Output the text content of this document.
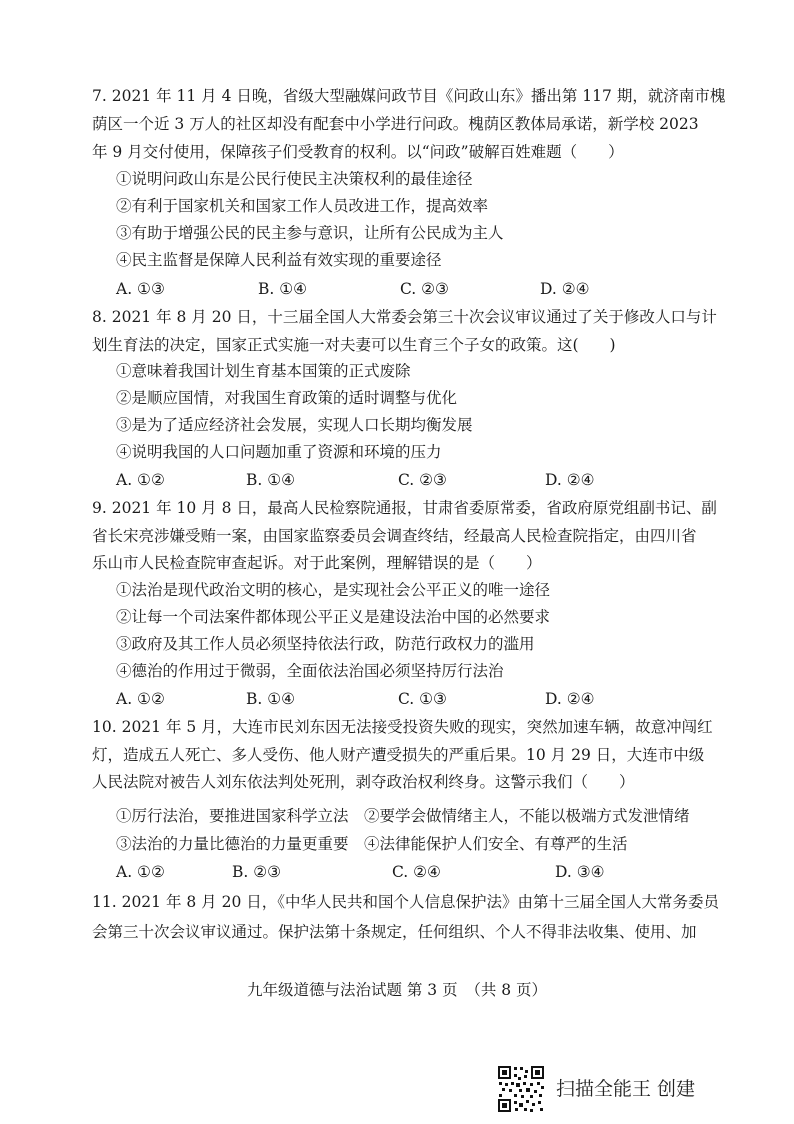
7. 2021 年 11 月 4 日晚，省级大型融媒问政节目《问政山东》播出第 117 期，就济南市槐

荫区一个近 3 万人的社区却没有配套中小学进行问政。槐荫区教体局承诺，新学校 2023

年 9 月交付使用，保障孩子们受教育的权利。以“问政”破解百姓难题（　　）

①说明问政山东是公民行使民主决策权利的最佳途径

②有利于国家机关和国家工作人员改进工作，提高效率

③有助于增强公民的民主参与意识，让所有公民成为主人

④民主监督是保障人民利益有效实现的重要途径

A. ①③	B. ①④	C. ②③	D. ②④

8. 2021 年 8 月 20 日，十三届全国人大常委会第三十次会议审议通过了关于修改人口与计

划生育法的决定，国家正式实施一对夫妻可以生育三个子女的政策。这(　　)

①意味着我国计划生育基本国策的正式废除

②是顺应国情，对我国生育政策的适时调整与优化

③是为了适应经济社会发展，实现人口长期均衡发展

④说明我国的人口问题加重了资源和环境的压力

A. ①②	B. ①④	C. ②③	D. ②④

9. 2021 年 10 月 8 日，最高人民检察院通报，甘肃省委原常委，省政府原党组副书记、副

省长宋亮涉嫌受贿一案，由国家监察委员会调查终结，经最高人民检查院指定，由四川省

乐山市人民检查院审查起诉。对于此案例，理解错误的是（　　）

①法治是现代政治文明的核心，是实现社会公平正义的唯一途径

②让每一个司法案件都体现公平正义是建设法治中国的必然要求

③政府及其工作人员必须坚持依法行政，防范行政权力的滥用

④德治的作用过于微弱，全面依法治国必须坚持厉行法治

A. ①②	B. ①④	C. ①③	D. ②④

10. 2021 年 5 月，大连市民刘东因无法接受投资失败的现实，突然加速车辆，故意冲闯红

灯，造成五人死亡、多人受伤、他人财产遭受损失的严重后果。10 月 29 日，大连市中级

人民法院对被告人刘东依法判处死刑，剥夺政治权利终身。这警示我们（　　）

①厉行法治，要推进国家科学立法　②要学会做情绪主人，不能以极端方式发泄情绪

③法治的力量比德治的力量更重要　④法律能保护人们安全、有尊严的生活

A. ①②	B. ②③	C. ②④	D. ③④

11. 2021 年 8 月 20 日，《中华人民共和国个人信息保护法》由第十三届全国人大常务委员

会第三十次会议审议通过。保护法第十条规定，任何组织、个人不得非法收集、使用、加

九年级道德与法治试题 第 3 页　（共 8 页）
扫描全能王 创建
